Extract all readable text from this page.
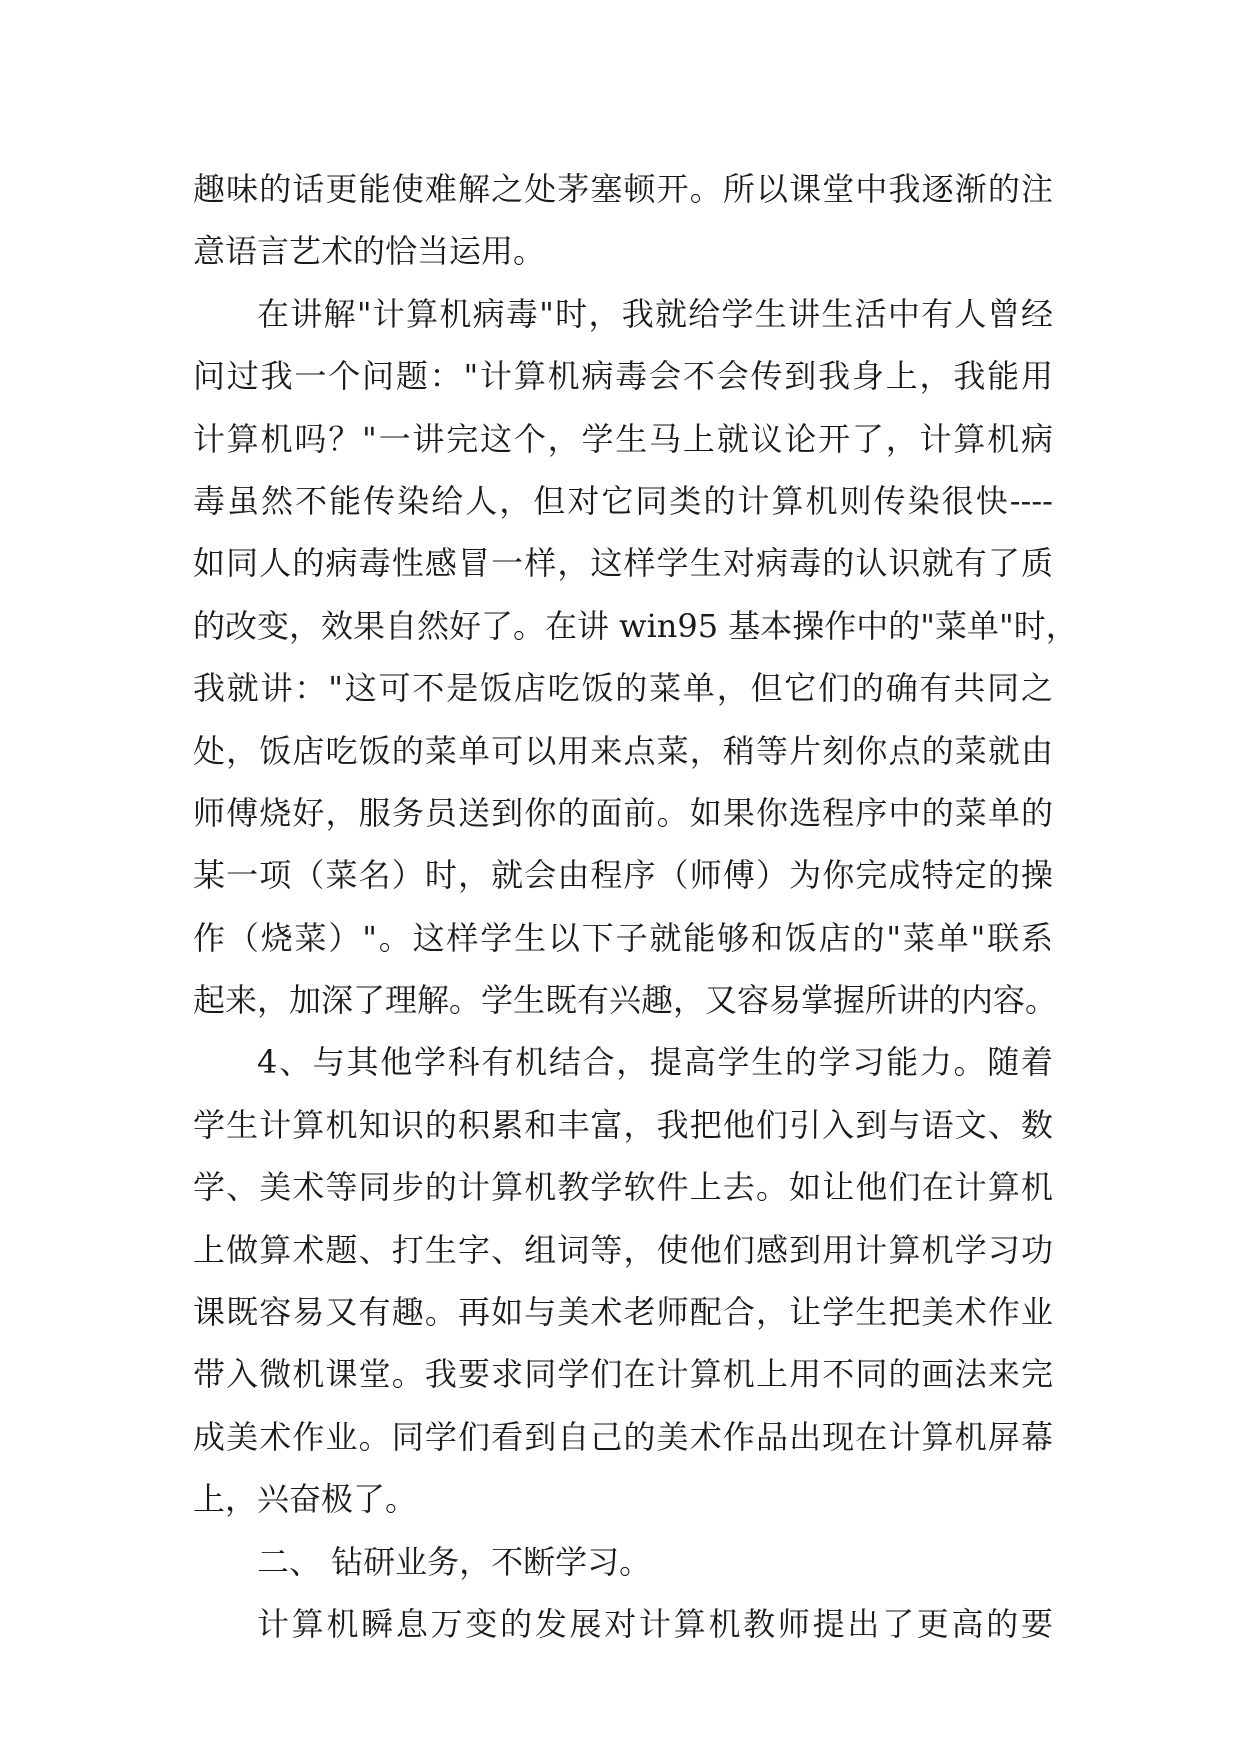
趣味的话更能使难解之处茅塞顿开。所以课堂中我逐渐的注
意语言艺术的恰当运用。
在讲解"计算机病毒"时，我就给学生讲生活中有人曾经
问过我一个问题："计算机病毒会不会传到我身上，我能用
计算机吗？"一讲完这个，学生马上就议论开了，计算机病
毒虽然不能传染给人，但对它同类的计算机则传染很快----
如同人的病毒性感冒一样，这样学生对病毒的认识就有了质
的改变，效果自然好了。在讲 win95 基本操作中的"菜单"时，
我就讲："这可不是饭店吃饭的菜单，但它们的确有共同之
处，饭店吃饭的菜单可以用来点菜，稍等片刻你点的菜就由
师傅烧好，服务员送到你的面前。如果你选程序中的菜单的
某一项（菜名）时，就会由程序（师傅）为你完成特定的操
作（烧菜）"。这样学生以下子就能够和饭店的"菜单"联系
起来，加深了理解。学生既有兴趣，又容易掌握所讲的内容。
4、与其他学科有机结合，提高学生的学习能力。随着
学生计算机知识的积累和丰富，我把他们引入到与语文、数
学、美术等同步的计算机教学软件上去。如让他们在计算机
上做算术题、打生字、组词等，使他们感到用计算机学习功
课既容易又有趣。再如与美术老师配合，让学生把美术作业
带入微机课堂。我要求同学们在计算机上用不同的画法来完
成美术作业。同学们看到自己的美术作品出现在计算机屏幕
上，兴奋极了。
二、 钻研业务，不断学习。
计算机瞬息万变的发展对计算机教师提出了更高的要
